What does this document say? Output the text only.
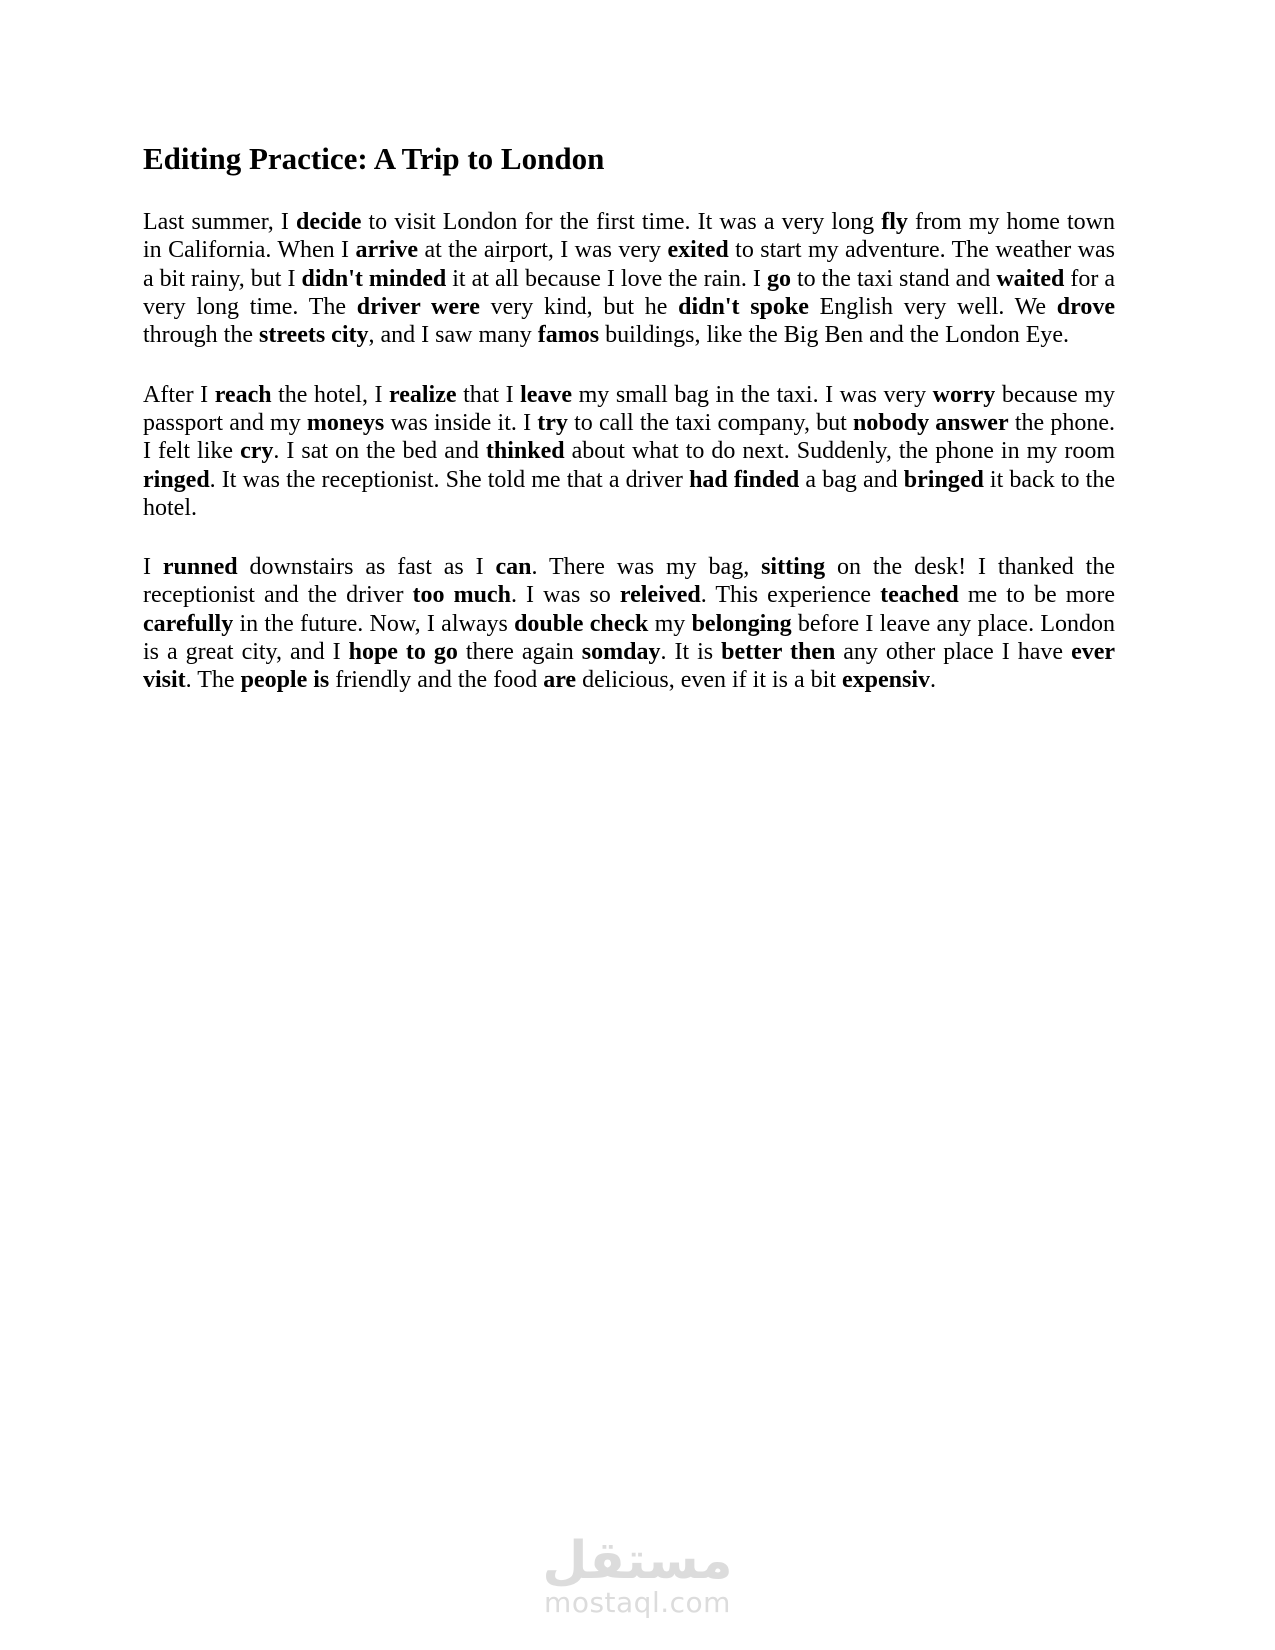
Editing Practice: A Trip to London

Last summer, I decide to visit London for the first time. It was a very long fly from my home town in California. When I arrive at the airport, I was very exited to start my adventure. The weather was a bit rainy, but I didn't minded it at all because I love the rain. I go to the taxi stand and waited for a very long time. The driver were very kind, but he didn't spoke English very well. We drove through the streets city, and I saw many famos buildings, like the Big Ben and the London Eye.

After I reach the hotel, I realize that I leave my small bag in the taxi. I was very worry because my passport and my moneys was inside it. I try to call the taxi company, but nobody answer the phone. I felt like cry. I sat on the bed and thinked about what to do next. Suddenly, the phone in my room ringed. It was the receptionist. She told me that a driver had finded a bag and bringed it back to the hotel.

I runned downstairs as fast as I can. There was my bag, sitting on the desk! I thanked the receptionist and the driver too much. I was so releived. This experience teached me to be more carefully in the future. Now, I always double check my belonging before I leave any place. London is a great city, and I hope to go there again somday. It is better then any other place I have ever visit. The people is friendly and the food are delicious, even if it is a bit expensiv.

مستقل
mostaql.com
